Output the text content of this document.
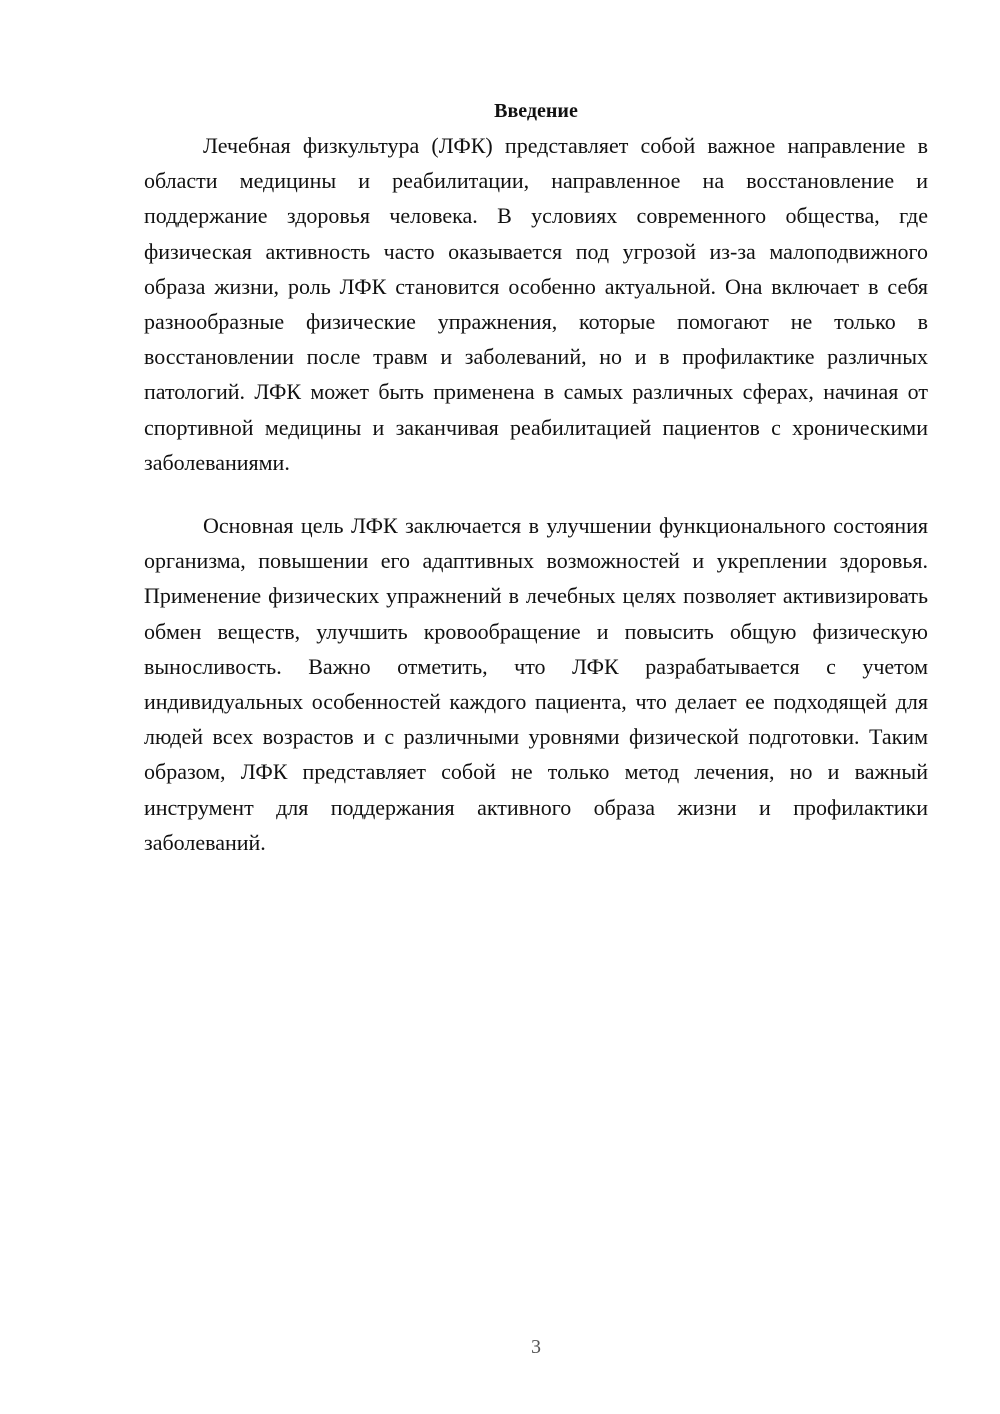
Введение

Лечебная физкультура (ЛФК) представляет собой важное направление в области медицины и реабилитации, направленное на восстановление и поддержание здоровья человека. В условиях современного общества, где физическая активность часто оказывается под угрозой из-за малоподвижного образа жизни, роль ЛФК становится особенно актуальной. Она включает в себя разнообразные физические упражнения, которые помогают не только в восстановлении после травм и заболеваний, но и в профилактике различных патологий. ЛФК может быть применена в самых различных сферах, начиная от спортивной медицины и заканчивая реабилитацией пациентов с хроническими заболеваниями.

Основная цель ЛФК заключается в улучшении функционального состояния организма, повышении его адаптивных возможностей и укреплении здоровья. Применение физических упражнений в лечебных целях позволяет активизировать обмен веществ, улучшить кровообращение и повысить общую физическую выносливость. Важно отметить, что ЛФК разрабатывается с учетом индивидуальных особенностей каждого пациента, что делает ее подходящей для людей всех возрастов и с различными уровнями физической подготовки. Таким образом, ЛФК представляет собой не только метод лечения, но и важный инструмент для поддержания активного образа жизни и профилактики заболеваний.

3
